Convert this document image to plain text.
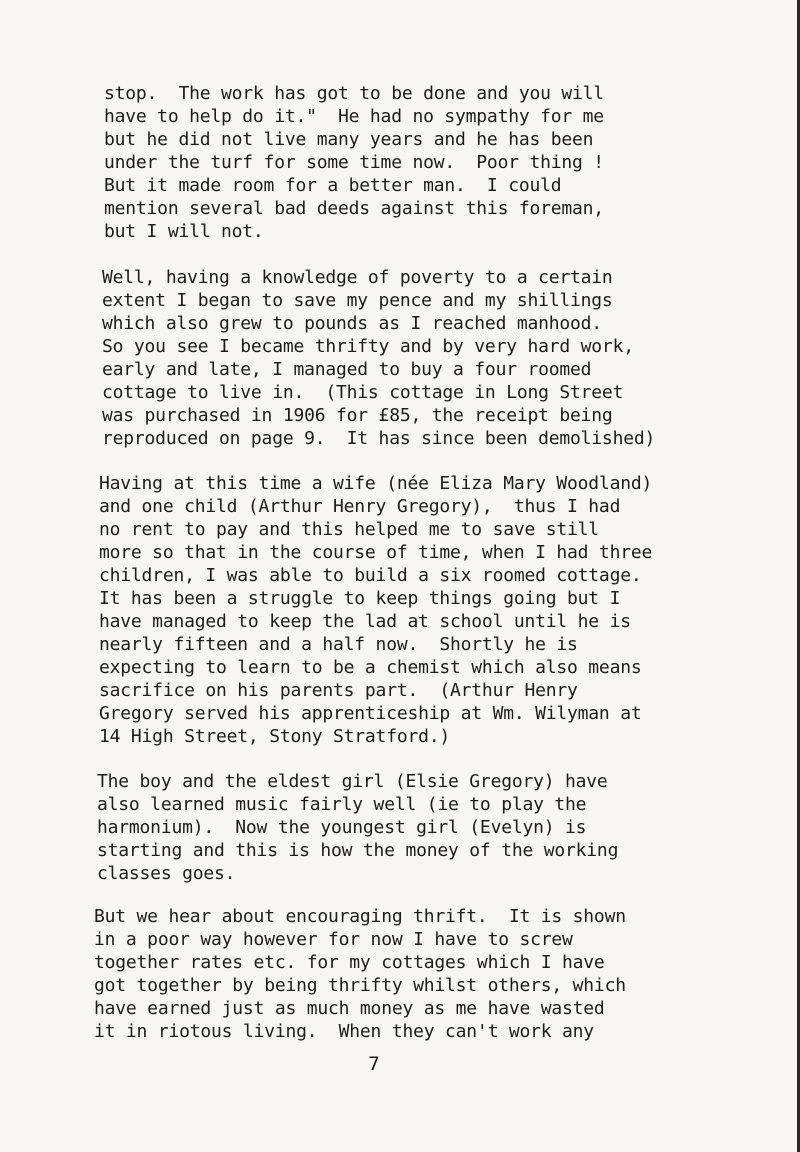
stop.  The work has got to be done and you will
have to help do it."  He had no sympathy for me
but he did not live many years and he has been
under the turf for some time now.  Poor thing !
But it made room for a better man.  I could
mention several bad deeds against this foreman,
but I will not.
Well, having a knowledge of poverty to a certain
extent I began to save my pence and my shillings
which also grew to pounds as I reached manhood.
So you see I became thrifty and by very hard work,
early and late, I managed to buy a four roomed
cottage to live in.  (This cottage in Long Street
was purchased in 1906 for £85, the receipt being
reproduced on page 9.  It has since been demolished)
Having at this time a wife (née Eliza Mary Woodland)
and one child (Arthur Henry Gregory),  thus I had
no rent to pay and this helped me to save still
more so that in the course of time, when I had three
children, I was able to build a six roomed cottage.
It has been a struggle to keep things going but I
have managed to keep the lad at school until he is
nearly fifteen and a half now.  Shortly he is
expecting to learn to be a chemist which also means
sacrifice on his parents part.  (Arthur Henry
Gregory served his apprenticeship at Wm. Wilyman at
14 High Street, Stony Stratford.)
The boy and the eldest girl (Elsie Gregory) have
also learned music fairly well (ie to play the
harmonium).  Now the youngest girl (Evelyn) is
starting and this is how the money of the working
classes goes.
But we hear about encouraging thrift.  It is shown
in a poor way however for now I have to screw
together rates etc. for my cottages which I have
got together by being thrifty whilst others, which
have earned just as much money as me have wasted
it in riotous living.  When they can't work any
7
